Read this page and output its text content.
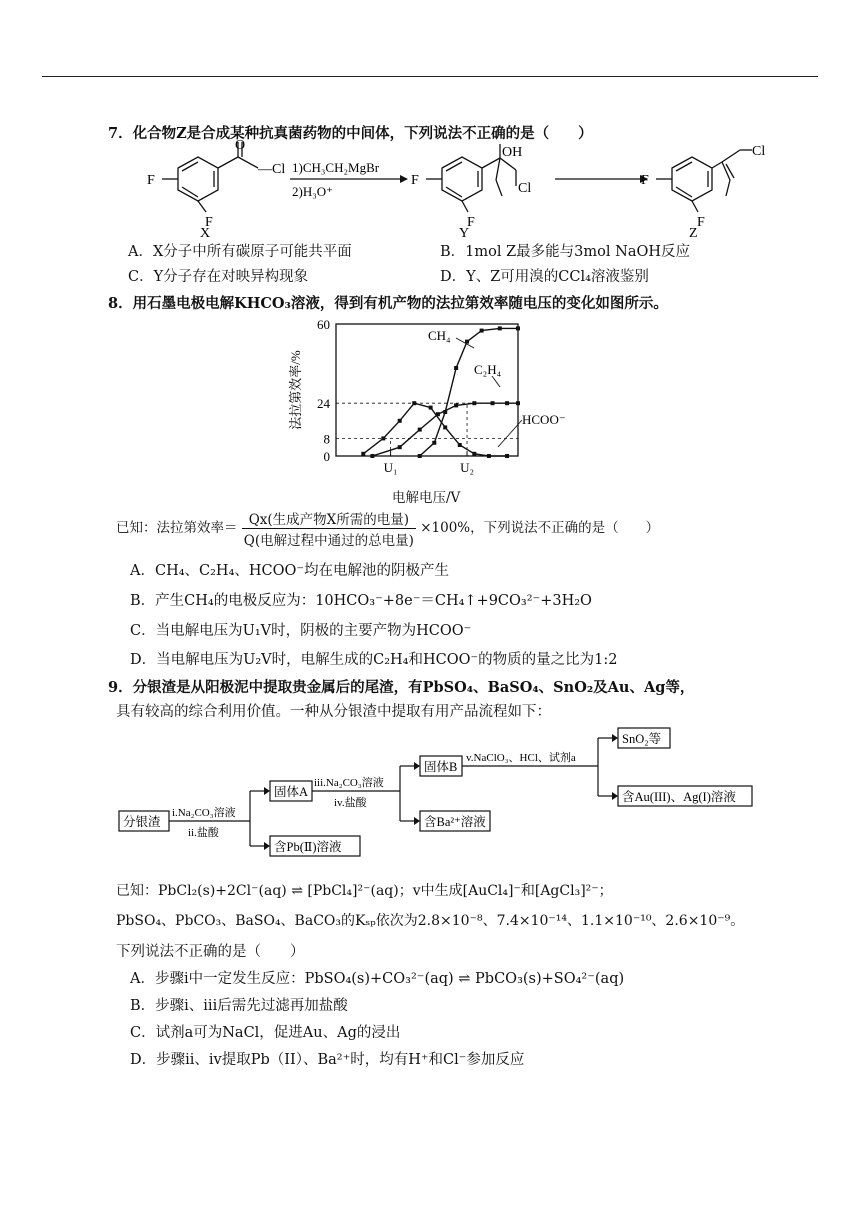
7．化合物Z是合成某种抗真菌药物的中间体，下列说法不正确的是（　　）
F
O
—Cl
F
X
1)CH₃CH₂MgBr
2)H₃O⁺
F
OH
Cl
F
Y
F
Cl
F
Z
A．X分子中所有碳原子可能共平面	B．1mol Z最多能与3mol NaOH反应
C．Y分子存在对映异构现象	D．Y、Z可用溴的CCl₄溶液鉴别
8．用石墨电极电解KHCO₃溶液，得到有机产物的法拉第效率随电压的变化如图所示。
0
8
24
60
法拉第效率/%
U₁	U₂
CH₄
C₂H₄
HCOO⁻
电解电压/V
已知：法拉第效率＝ $\frac{\text{Qx(生成产物X所需的电量)}}{\text{Q(电解过程中通过的总电量)}} \times 100\%$，下列说法不正确的是（　　）
A．CH₄、C₂H₄、HCOO⁻均在电解池的阴极产生
B．产生CH₄的电极反应为：10HCO₃⁻+8e⁻＝CH₄↑+9CO₃²⁻+3H₂O
C．当电解电压为U₁V时，阴极的主要产物为HCOO⁻
D．当电解电压为U₂V时，电解生成的C₂H₄和HCOO⁻的物质的量之比为1:2
9．分银渣是从阳极泥中提取贵金属后的尾渣，有PbSO₄、BaSO₄、SnO₂及Au、Ag等，
具有较高的综合利用价值。一种从分银渣中提取有用产品流程如下：
分银渣
i.Na₂CO₃溶液
ii.盐酸
固体A
含Pb(Ⅱ)溶液
iii.Na₂CO₃溶液
iv.盐酸
固体B
含Ba²⁺溶液
v.NaClO₃、HCl、试剂a
SnO₂等
含Au(III)、Ag(I)溶液
已知：PbCl₂(s)+2Cl⁻(aq) ⇌ [PbCl₄]²⁻(aq)；v中生成[AuCl₄]⁻和[AgCl₃]²⁻；
PbSO₄、PbCO₃、BaSO₄、BaCO₃的Kₛₚ依次为2.8×10⁻⁸、7.4×10⁻¹⁴、1.1×10⁻¹⁰、2.6×10⁻⁹。
下列说法不正确的是（　　）
A．步骤i中一定发生反应：PbSO₄(s)+CO₃²⁻(aq) ⇌ PbCO₃(s)+SO₄²⁻(aq)
B．步骤i、iii后需先过滤再加盐酸
C．试剂a可为NaCl，促进Au、Ag的浸出
D．步骤ii、iv提取Pb（II）、Ba²⁺时，均有H⁺和Cl⁻参加反应
